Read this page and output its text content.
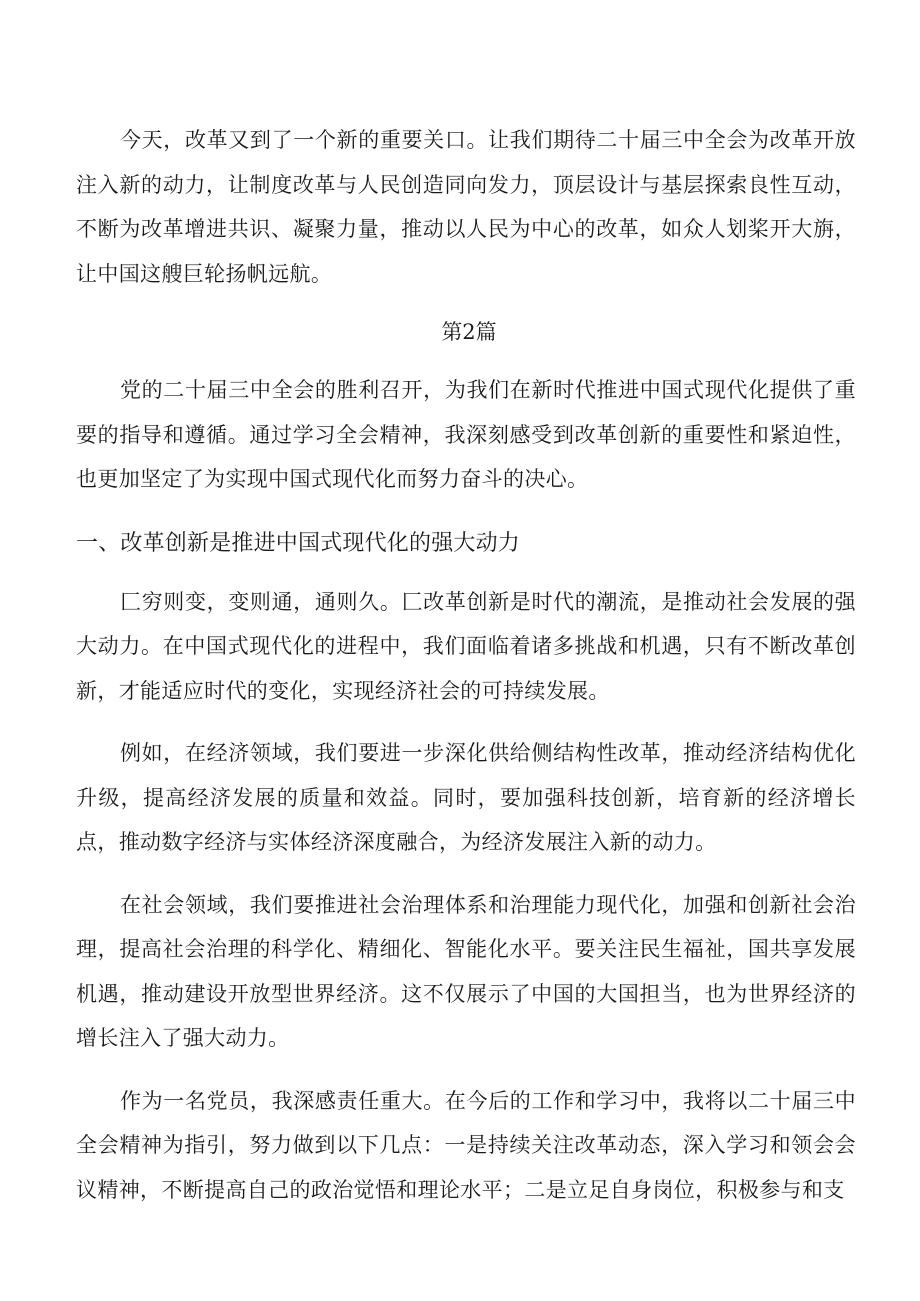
今天，改革又到了一个新的重要关口。让我们期待二十届三中全会为改革开放注入新的动力，让制度改革与人民创造同向发力，顶层设计与基层探索良性互动，不断为改革增进共识、凝聚力量，推动以人民为中心的改革，如众人划桨开大旃，让中国这艘巨轮扬帆远航。

第2篇

党的二十届三中全会的胜利召开，为我们在新时代推进中国式现代化提供了重要的指导和遵循。通过学习全会精神，我深刻感受到改革创新的重要性和紧迫性，也更加坚定了为实现中国式现代化而努力奋斗的决心。

一、改革创新是推进中国式现代化的强大动力

匚穷则变，变则通，通则久。匚改革创新是时代的潮流，是推动社会发展的强大动力。在中国式现代化的进程中，我们面临着诸多挑战和机遇，只有不断改革创新，才能适应时代的变化，实现经济社会的可持续发展。

例如，在经济领域，我们要进一步深化供给侧结构性改革，推动经济结构优化升级，提高经济发展的质量和效益。同时，要加强科技创新，培育新的经济增长点，推动数字经济与实体经济深度融合，为经济发展注入新的动力。

在社会领域，我们要推进社会治理体系和治理能力现代化，加强和创新社会治理，提高社会治理的科学化、精细化、智能化水平。要关注民生福祉，国共享发展机遇，推动建设开放型世界经济。这不仅展示了中国的大国担当，也为世界经济的增长注入了强大动力。

作为一名党员，我深感责任重大。在今后的工作和学习中，我将以二十届三中全会精神为指引，努力做到以下几点：一是持续关注改革动态，深入学习和领会会议精神，不断提高自己的政治觉悟和理论水平；二是立足自身岗位，积极参与和支
